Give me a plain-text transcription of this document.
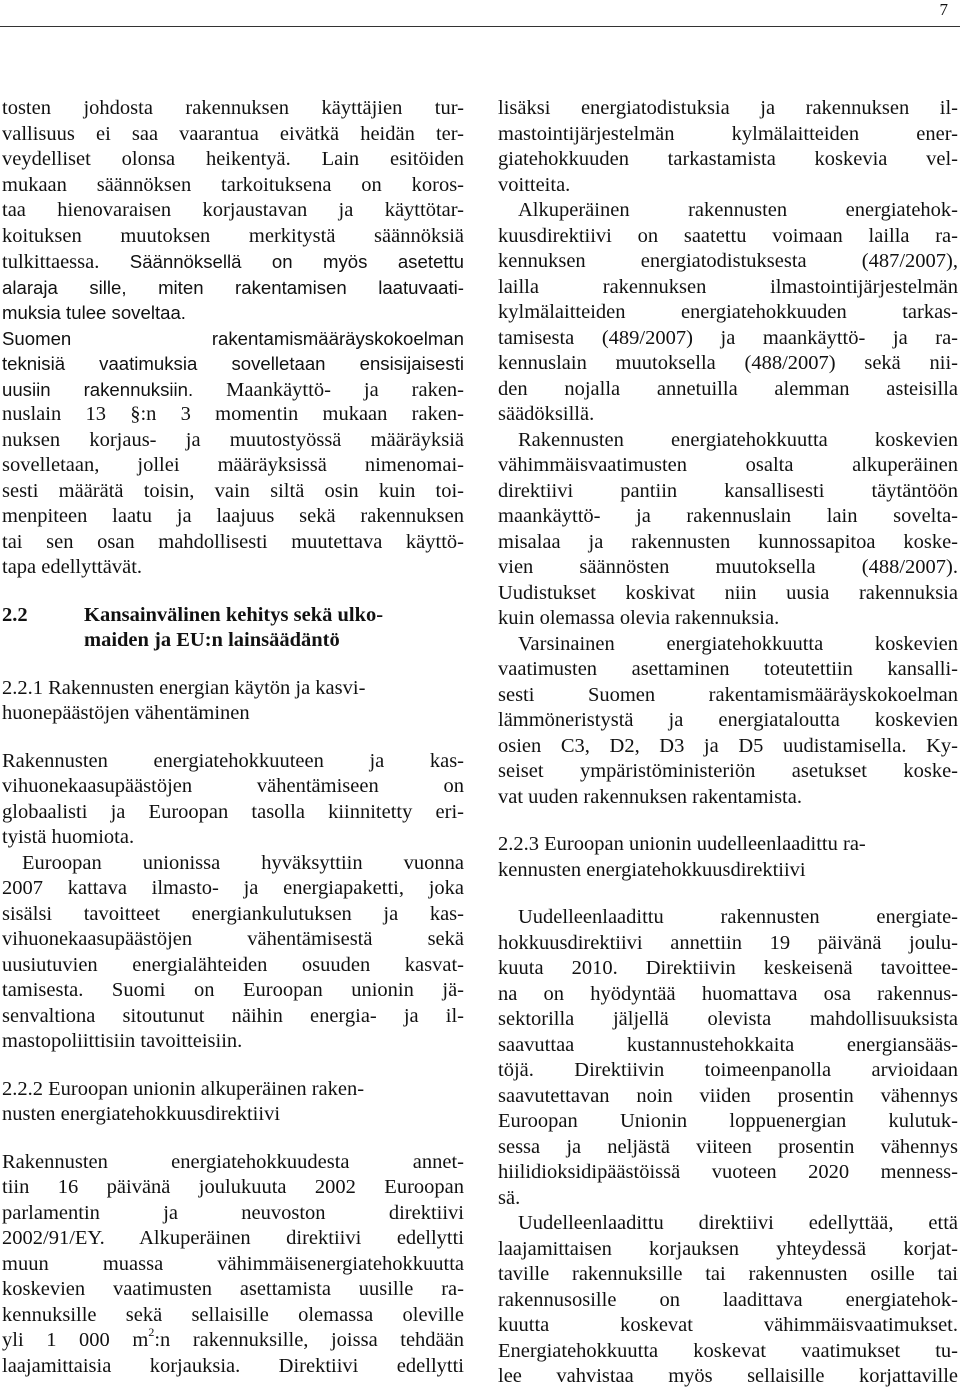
7
tosten johdosta rakennuksen käyttäjien tur-
vallisuus ei saa vaarantua eivätkä heidän ter-
veydelliset olonsa heikentyä. Lain esitöiden
mukaan säännöksen tarkoituksena on koros-
taa hienovaraisen korjaustavan ja käyttötar-
koituksen muutoksen merkitystä säännöksiä
tulkittaessa. Säännöksellä on myös asetettu
alaraja sille, miten rakentamisen laatuvaati-
muksia tulee soveltaa.
Suomen rakentamismääräyskokoelman
teknisiä vaatimuksia sovelletaan ensisijaisesti
uusiin rakennuksiin. Maankäyttö- ja raken-
nuslain 13 §:n 3 momentin mukaan raken-
nuksen korjaus- ja muutostyössä määräyksiä
sovelletaan, jollei määräyksissä nimenomai-
sesti määrätä toisin, vain siltä osin kuin toi-
menpiteen laatu ja laajuus sekä rakennuksen
tai sen osan mahdollisesti muutettava käyttö-
tapa edellyttävät.
2.2	Kansainvälinen kehitys sekä ulko-
maiden ja EU:n lainsäädäntö
2.2.1 Rakennusten energian käytön ja kasvi-
huonepäästöjen vähentäminen
Rakennusten energiatehokkuuteen ja kas-
vihuonekaasupäästöjen vähentämiseen on
globaalisti ja Euroopan tasolla kiinnitetty eri-
tyistä huomiota.
Euroopan unionissa hyväksyttiin vuonna
2007 kattava ilmasto- ja energiapaketti, joka
sisälsi tavoitteet energiankulutuksen ja kas-
vihuonekaasupäästöjen vähentämisestä sekä
uusiutuvien energialähteiden osuuden kasvat-
tamisesta. Suomi on Euroopan unionin jä-
senvaltiona sitoutunut näihin energia- ja il-
mastopoliittisiin tavoitteisiin.
2.2.2 Euroopan unionin alkuperäinen raken-
nusten energiatehokkuusdirektiivi
Rakennusten energiatehokkuudesta annet-
tiin 16 päivänä joulukuuta 2002 Euroopan
parlamentin ja neuvoston direktiivi
2002/91/EY. Alkuperäinen direktiivi edellytti
muun muassa vähimmäisenergiatehokkuutta
koskevien vaatimusten asettamista uusille ra-
kennuksille sekä sellaisille olemassa oleville
yli 1 000 $m^2:n$ rakennuksille, joissa tehdään
laajamittaisia korjauksia. Direktiivi edellytti
lisäksi energiatodistuksia ja rakennuksen il-
mastointijärjestelmän kylmälaitteiden ener-
giatehokkuuden tarkastamista koskevia vel-
voitteita.
Alkuperäinen rakennusten energiatehok-
kuusdirektiivi on saatettu voimaan lailla ra-
kennuksen energiatodistuksesta (487/2007),
lailla rakennuksen ilmastointijärjestelmän
kylmälaitteiden energiatehokkuuden tarkas-
tamisesta (489/2007) ja maankäyttö- ja ra-
kennuslain muutoksella (488/2007) sekä nii-
den nojalla annetuilla alemman asteisilla
säädöksillä.
Rakennusten energiatehokkuutta koskevien
vähimmäisvaatimusten osalta alkuperäinen
direktiivi pantiin kansallisesti täytäntöön
maankäyttö- ja rakennuslain lain sovelta-
misalaa ja rakennusten kunnossapitoa koske-
vien säännösten muutoksella (488/2007).
Uudistukset koskivat niin uusia rakennuksia
kuin olemassa olevia rakennuksia.
Varsinainen energiatehokkuutta koskevien
vaatimusten asettaminen toteutettiin kansalli-
sesti Suomen rakentamismääräyskokoelman
lämmöneristystä ja energiataloutta koskevien
osien C3, D2, D3 ja D5 uudistamisella. Ky-
seiset ympäristöministeriön asetukset koske-
vat uuden rakennuksen rakentamista.
2.2.3 Euroopan unionin uudelleenlaadittu ra-
kennusten energiatehokkuusdirektiivi
Uudelleenlaadittu rakennusten energiate-
hokkuusdirektiivi annettiin 19 päivänä joulu-
kuuta 2010. Direktiivin keskeisenä tavoittee-
na on hyödyntää huomattava osa rakennus-
sektorilla jäljellä olevista mahdollisuuksista
saavuttaa kustannustehokkaita energiansääs-
töjä. Direktiivin toimeenpanolla arvioidaan
saavutettavan noin viiden prosentin vähennys
Euroopan Unionin loppuenergian kulutuk-
sessa ja neljästä viiteen prosentin vähennys
hiilidioksidipäästöissä vuoteen 2020 menness-
sä.
Uudelleenlaadittu direktiivi edellyttää, että
laajamittaisen korjauksen yhteydessä korjat-
taville rakennuksille tai rakennusten osille tai
rakennusosille on laadittava energiatehok-
kuutta koskevat vähimmäisvaatimukset.
Energiatehokkuutta koskevat vaatimukset tu-
lee vahvistaa myös sellaisille korjattaville
